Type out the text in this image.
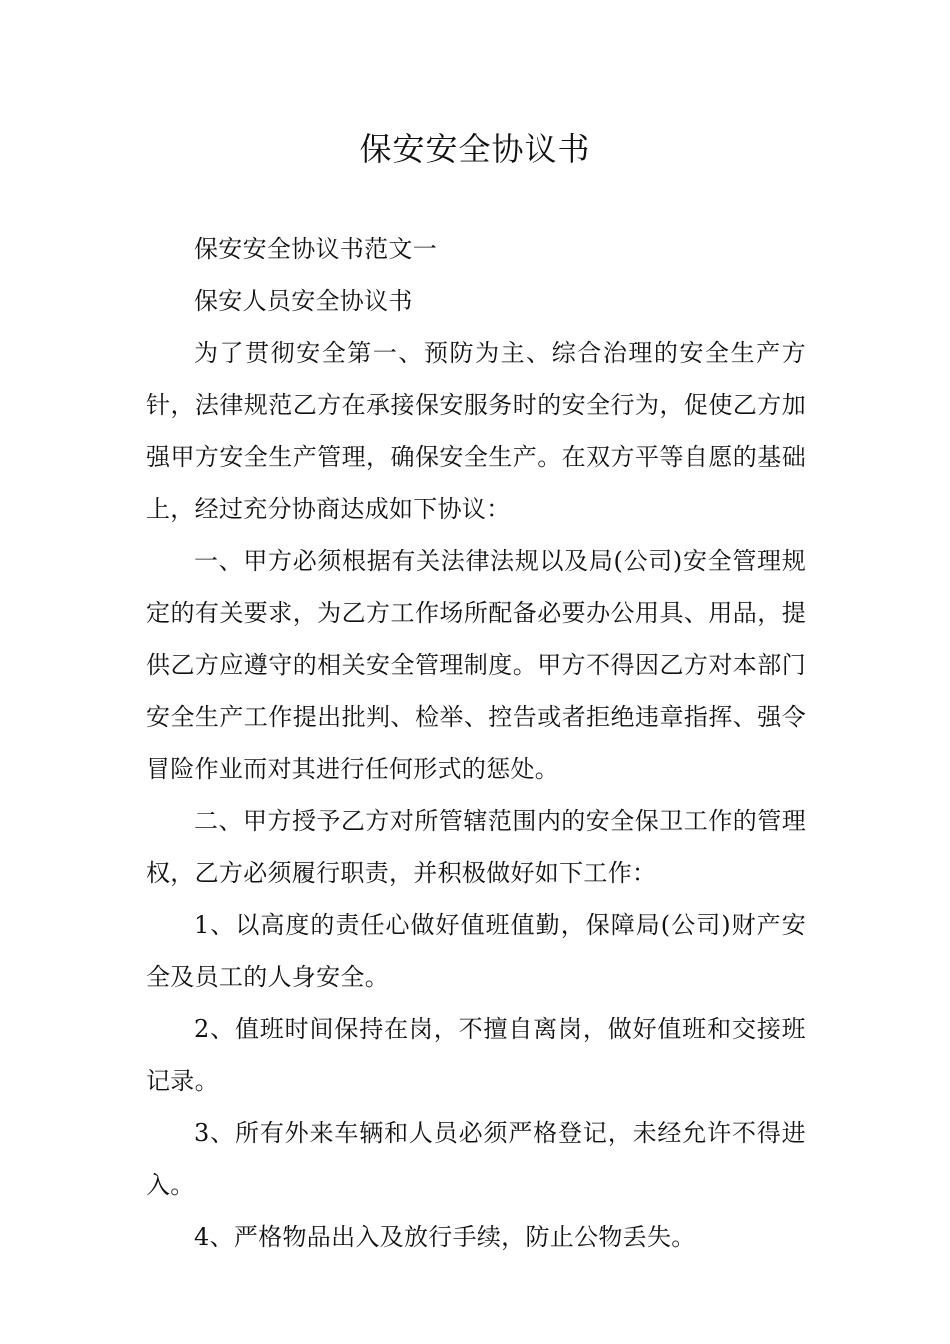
保安安全协议书

保安安全协议书范文一

保安人员安全协议书

为了贯彻安全第一、预防为主、综合治理的安全生产方针，法律规范乙方在承接保安服务时的安全行为，促使乙方加强甲方安全生产管理，确保安全生产。在双方平等自愿的基础上，经过充分协商达成如下协议：

一、甲方必须根据有关法律法规以及局(公司)安全管理规定的有关要求，为乙方工作场所配备必要办公用具、用品，提供乙方应遵守的相关安全管理制度。甲方不得因乙方对本部门安全生产工作提出批判、检举、控告或者拒绝违章指挥、强令冒险作业而对其进行任何形式的惩处。

二、甲方授予乙方对所管辖范围内的安全保卫工作的管理权，乙方必须履行职责，并积极做好如下工作：

1、以高度的责任心做好值班值勤，保障局(公司)财产安全及员工的人身安全。

2、值班时间保持在岗，不擅自离岗，做好值班和交接班记录。

3、所有外来车辆和人员必须严格登记，未经允许不得进入。

4、严格物品出入及放行手续，防止公物丢失。
